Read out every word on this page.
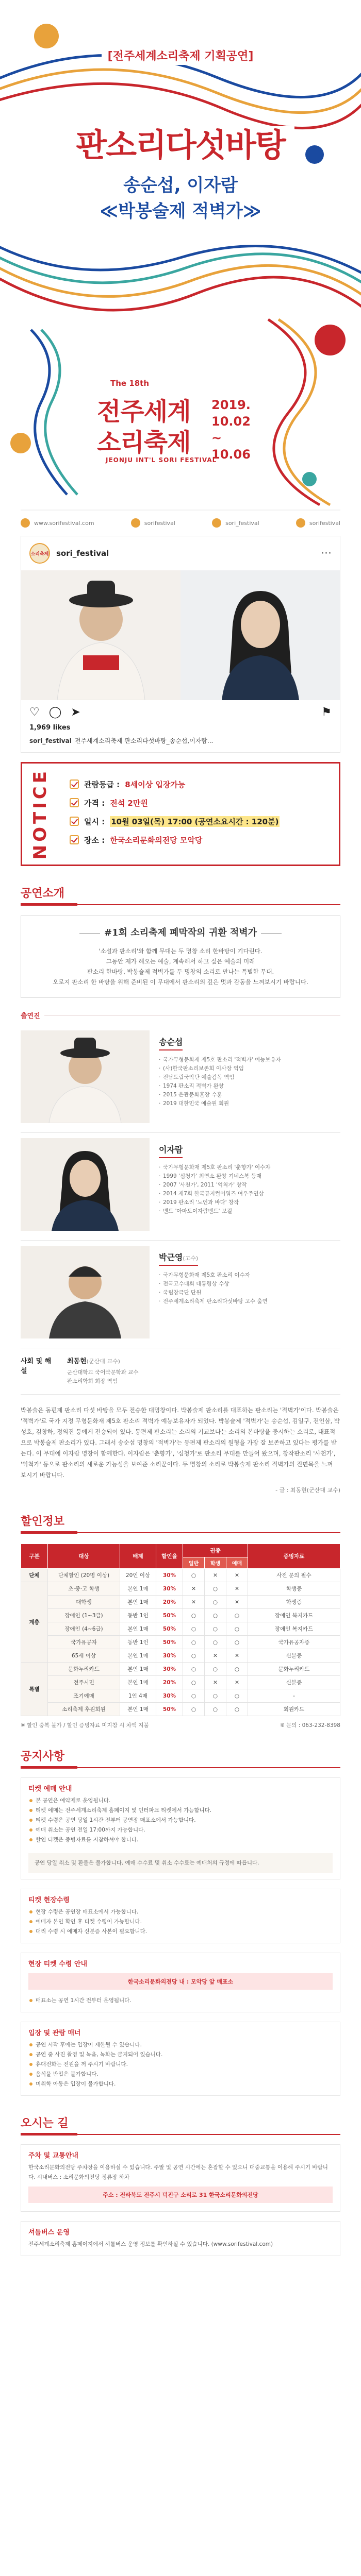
[전주세계소리축제 기획공연]
판소리다섯바탕
송순섭, 이자람
≪박봉술제 적벽가≫
The 18th
전주세계
소리축제
JEONJU INT'L SORI FESTIVAL
2019.
10.02
~
10.06
www.sorifestival.com	sorifestival	sori_festival	sorifestival
소리축제 sori_festival	···
♡ ◯ ➤	⚑
1,969 likes
sori_festival 전주세계소리축제 판소리다섯바탕_송순섭,이자람...
NOTICE	관람등급 : 8세이상 입장가능
가격 : 전석 2만원
일시 : 10월 03일(목) 17:00 (공연소요시간 : 120분)
장소 : 한국소리문화의전당 모악당
공연소개
#1회 소리축제 폐막작의 귀환 적벽가
'소설과 판소리'와 함께 무대는 두 명창 소리 한바탕이 기다린다.
그동안 제가 해오는 예술, 계속해서 하고 싶은 예술의 미래
판소리 한바탕, 박봉술제 적벽가를 두 명창의 소리로 만나는 특별한 무대.
오로지 판소리 한 바탕을 위해 준비된 이 무대에서 판소리의 깊은 멋과 감동을 느껴보시기 바랍니다.
출연진
송순섭
· 국가무형문화재 제5호 판소리 '적벽가' 예능보유자
· (사)한국판소리보존회 이사장 역임
· 전남도립국악단 예술감독 역임
· 1974 판소리 적벽가 완창
· 2015 은관문화훈장 수훈
· 2019 대한민국 예술원 회원
이자람
· 국가무형문화재 제5호 판소리 '춘향가' 이수자
· 1999 '심청가' 최연소 완창 기네스북 등재
· 2007 '사천가', 2011 '억척가' 창작
· 2014 제7회 한국뮤지컬어워즈 여우주연상
· 2019 판소리 '노인과 바다' 창작
· 밴드 '아마도이자람밴드' 보컬
박근영(고수)
· 국가무형문화재 제5호 판소리 이수자
· 전국고수대회 대통령상 수상
· 국립창극단 단원
· 전주세계소리축제 판소리다섯바탕 고수 출연
사회 및 해설
최동현(군산대 교수)
군산대학교 국어국문학과 교수
판소리학회 회장 역임
박봉술은 동편제 판소리 다섯 바탕을 모두 전승한 대명창이다. 박봉술제 판소리를 대표하는 판소리는 '적벽가'이다. 박봉술은 '적벽가'로 국가 지정 무형문화재 제5호 판소리 적벽가 예능보유자가 되었다. 박봉술제 '적벽가'는 송순섭, 김일구, 전인삼, 박성호, 김창하, 정의진 등에게 전승되어 있다. 동편제 판소리는 소리의 기교보다는 소리의 본바탕을 중시하는 소리로, 대표적으로 박봉술제 판소리가 있다. 그래서 송순섭 명창의 '적벽가'는 동편제 판소리의 원형을 가장 잘 보존하고 있다는 평가를 받는다. 이 무대에 이자람 명창이 함께한다. 이자람은 '춘향가', '심청가'로 판소리 무대를 만들어 왔으며, 창작판소리 '사천가', '억척가' 등으로 판소리의 새로운 가능성을 보여준 소리꾼이다. 두 명창의 소리로 박봉술제 판소리 적벽가의 진면목을 느껴 보시기 바랍니다.
- 글 : 최동현(군산대 교수)
할인정보
구분	대상	배제	할인율	권종			증빙자료
				일반	학생	예매	
단체	단체할인 (20명 이상)	20인 이상	30%	○	✕	✕	사전 문의 필수
계층	초·중·고 학생	본인 1매	30%	✕	○	✕	학생증
	대학생	본인 1매	20%	✕	○	✕	학생증
	장애인 (1~3급)	동반 1인	50%	○	○	○	장애인 복지카드
	장애인 (4~6급)	본인 1매	50%	○	○	○	장애인 복지카드
	국가유공자	동반 1인	50%	○	○	○	국가유공자증
	65세 이상	본인 1매	30%	○	✕	✕	신분증
특별	문화누리카드	본인 1매	30%	○	○	○	문화누리카드
	전주시민	본인 1매	20%	○	✕	✕	신분증
	조기예매	1인 4매	30%	○	○	○	-
	소리축제 후원회원	본인 1매	50%	○	○	○	회원카드
※ 할인 중복 불가 / 할인 증빙자료 미지참 시 차액 지불	※ 문의 : 063-232-8398
공지사항
티켓 예매 안내
본 공연은 예약제로 운영됩니다.
티켓 예매는 전주세계소리축제 홈페이지 및 인터파크 티켓에서 가능합니다.
티켓 수령은 공연 당일 1시간 전부터 공연장 매표소에서 가능합니다.
예매 취소는 공연 전일 17:00까지 가능합니다.
할인 티켓은 증빙자료를 지참하셔야 합니다.
공연 당일 취소 및 환불은 불가합니다. 예매 수수료 및 취소 수수료는 예매처의 규정에 따릅니다.
티켓 현장수령
현장 수령은 공연장 매표소에서 가능합니다.
예매자 본인 확인 후 티켓 수령이 가능합니다.
대리 수령 시 예매자 신분증 사본이 필요합니다.
현장 티켓 수령 안내
한국소리문화의전당 내 : 모악당 앞 매표소
매표소는 공연 1시간 전부터 운영됩니다.
입장 및 관람 매너
공연 시작 후에는 입장이 제한될 수 있습니다.
공연 중 사진 촬영 및 녹음, 녹화는 금지되어 있습니다.
휴대전화는 전원을 꺼 주시기 바랍니다.
음식물 반입은 불가합니다.
미취학 아동은 입장이 불가합니다.
오시는 길
주차 및 교통안내

한국소리문화의전당 주차장을 이용하실 수 있습니다. 주말 및 공연 시간에는 혼잡할 수 있으니 대중교통을 이용해 주시기 바랍니다. 시내버스 : 소리문화의전당 정류장 하차

주소 : 전라북도 전주시 덕진구 소리로 31 한국소리문화의전당
셔틀버스 운영

전주세계소리축제 홈페이지에서 셔틀버스 운영 정보를 확인하실 수 있습니다. (www.sorifestival.com)
